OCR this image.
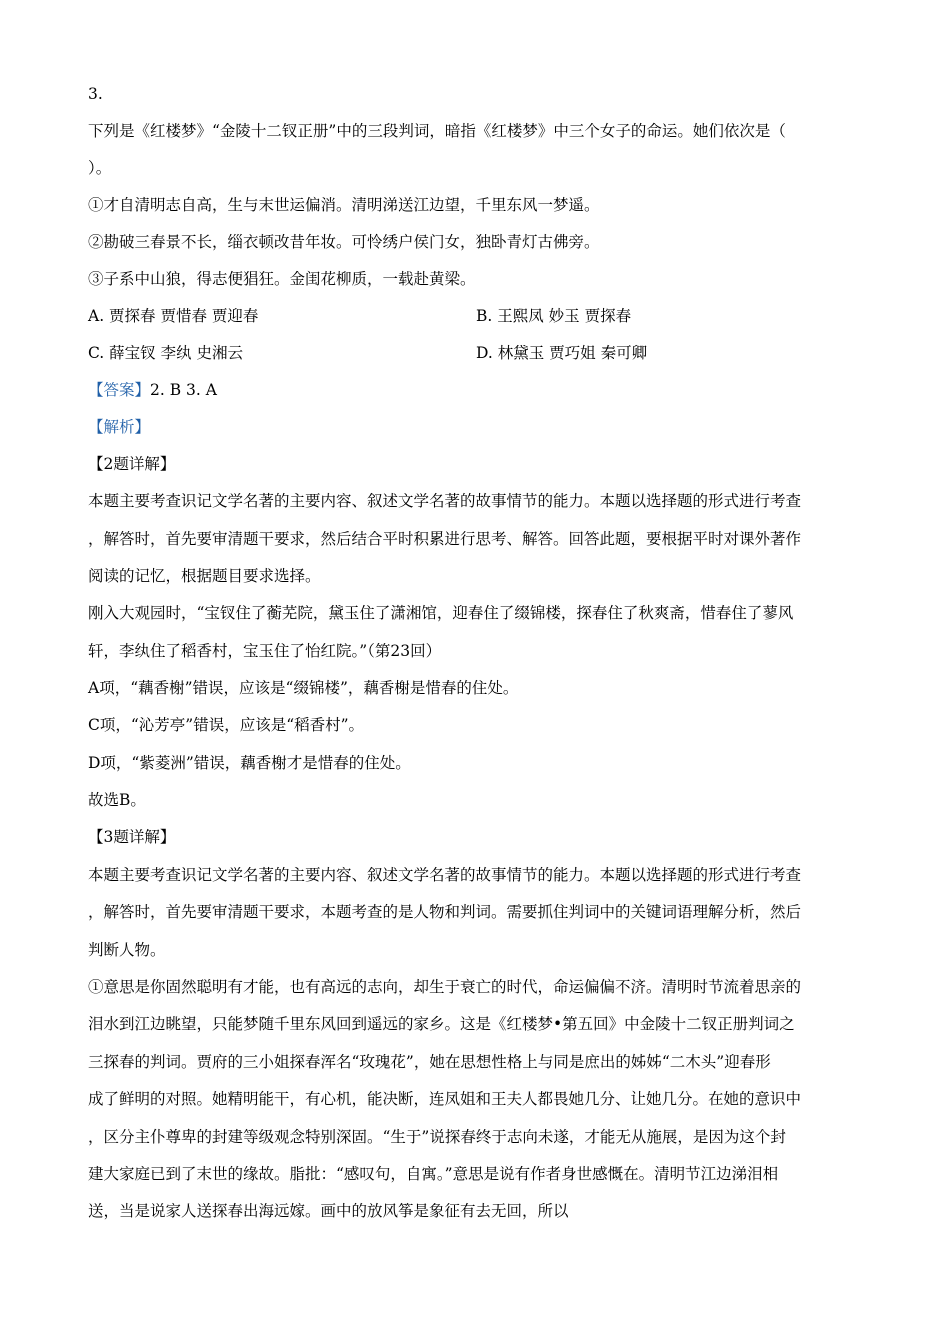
3.
下列是《红楼梦》“金陵十二钗正册”中的三段判词，暗指《红楼梦》中三个女子的命运。她们依次是（
）。
①才自清明志自高，生与末世运偏消。清明涕送江边望，千里东风一梦遥。
②勘破三春景不长，缁衣顿改昔年妆。可怜绣户侯门女，独卧青灯古佛旁。
③子系中山狼，得志便猖狂。金闺花柳质，一载赴黄梁。
A. 贾探春 贾惜春 贾迎春	B. 王熙凤 妙玉 贾探春
C. 薛宝钗 李纨 史湘云	D. 林黛玉 贾巧姐 秦可卿
【答案】2. B 3. A
【解析】
【2题详解】
本题主要考查识记文学名著的主要内容、叙述文学名著的故事情节的能力。本题以选择题的形式进行考查
，解答时，首先要审清题干要求，然后结合平时积累进行思考、解答。回答此题，要根据平时对课外著作
阅读的记忆，根据题目要求选择。
刚入大观园时，“宝钗住了蘅芜院，黛玉住了潇湘馆，迎春住了缀锦楼，探春住了秋爽斋，惜春住了蓼风
轩，李纨住了稻香村，宝玉住了怡红院。”（第23回）
A项，“藕香榭”错误，应该是“缀锦楼”，藕香榭是惜春的住处。
C项，“沁芳亭”错误，应该是“稻香村”。
D项，“紫菱洲”错误，藕香榭才是惜春的住处。
故选B。
【3题详解】
本题主要考查识记文学名著的主要内容、叙述文学名著的故事情节的能力。本题以选择题的形式进行考查
，解答时，首先要审清题干要求，本题考查的是人物和判词。需要抓住判词中的关键词语理解分析，然后
判断人物。
①意思是你固然聪明有才能，也有高远的志向，却生于衰亡的时代，命运偏偏不济。清明时节流着思亲的
泪水到江边眺望，只能梦随千里东风回到遥远的家乡。这是《红楼梦•第五回》中金陵十二钗正册判词之
三探春的判词。贾府的三小姐探春浑名“玫瑰花”，她在思想性格上与同是庶出的姊姊“二木头”迎春形
成了鲜明的对照。她精明能干，有心机，能决断，连凤姐和王夫人都畏她几分、让她几分。在她的意识中
，区分主仆尊卑的封建等级观念特别深固。“生于”说探春终于志向未遂，才能无从施展，是因为这个封
建大家庭已到了末世的缘故。脂批：“感叹句，自寓。”意思是说有作者身世感慨在。清明节江边涕泪相
送，当是说家人送探春出海远嫁。画中的放风筝是象征有去无回，所以
